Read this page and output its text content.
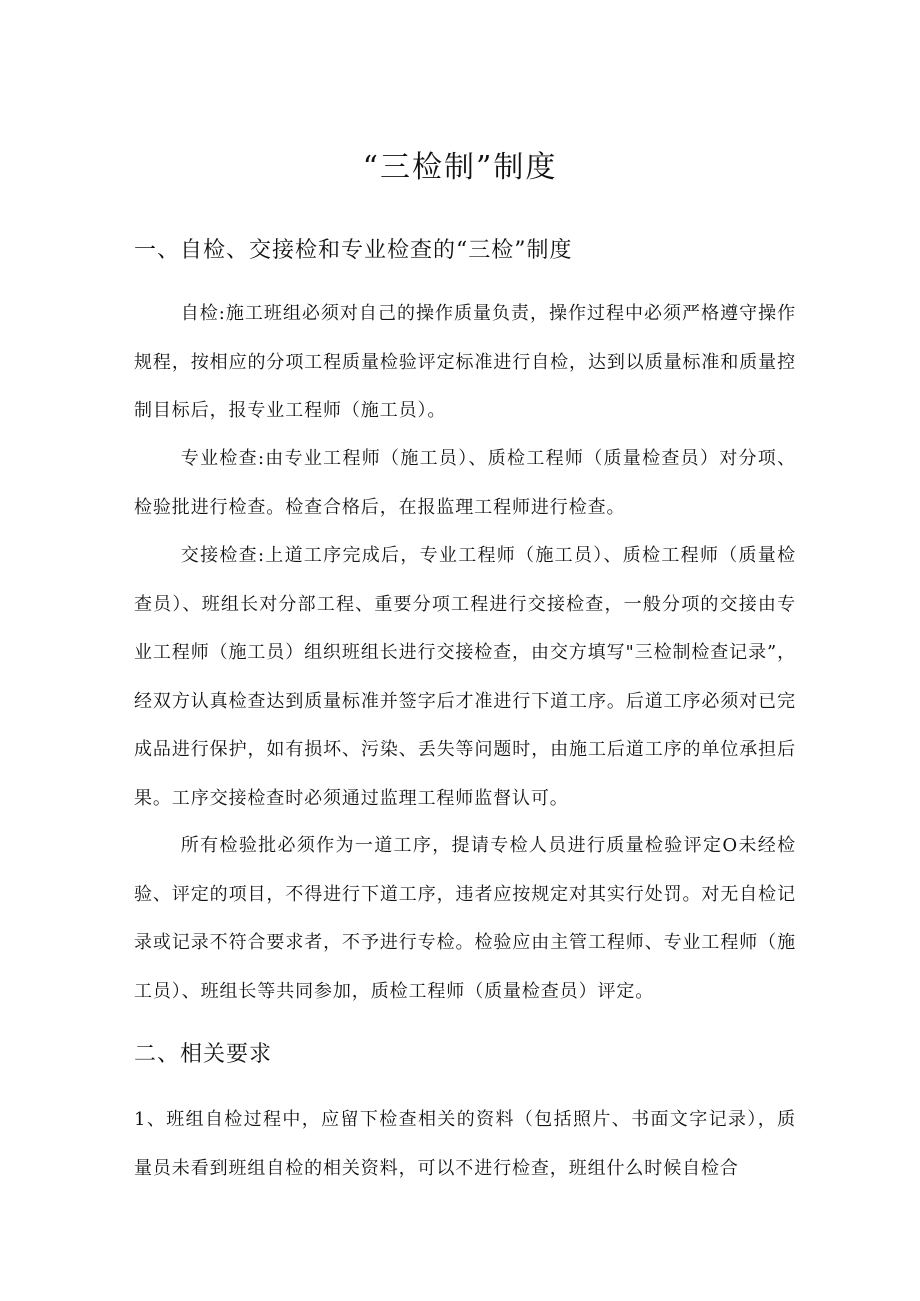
“三检制”制度
一、自检、交接检和专业检查的“三检”制度

自检:施工班组必须对自己的操作质量负责，操作过程中必须严格遵守操作规程，按相应的分项工程质量检验评定标准进行自检，达到以质量标准和质量控制目标后，报专业工程师（施工员）。

专业检查:由专业工程师（施工员）、质检工程师（质量检查员）对分项、检验批进行检查。检查合格后，在报监理工程师进行检查。

交接检查:上道工序完成后，专业工程师（施工员）、质检工程师（质量检查员）、班组长对分部工程、重要分项工程进行交接检查，一般分项的交接由专业工程师（施工员）组织班组长进行交接检查，由交方填写"三检制检查记录”，经双方认真检查达到质量标准并签字后才准进行下道工序。后道工序必须对已完成品进行保护，如有损坏、污染、丢失等问题时，由施工后道工序的单位承担后果。工序交接检查时必须通过监理工程师监督认可。

所有检验批必须作为一道工序，提请专检人员进行质量检验评定O未经检验、评定的项目，不得进行下道工序，违者应按规定对其实行处罚。对无自检记录或记录不符合要求者，不予进行专检。检验应由主管工程师、专业工程师（施工员）、班组长等共同参加，质检工程师（质量检查员）评定。

二、相关要求

1、班组自检过程中，应留下检查相关的资料（包括照片、书面文字记录），质量员未看到班组自检的相关资料，可以不进行检查，班组什么时候自检合
